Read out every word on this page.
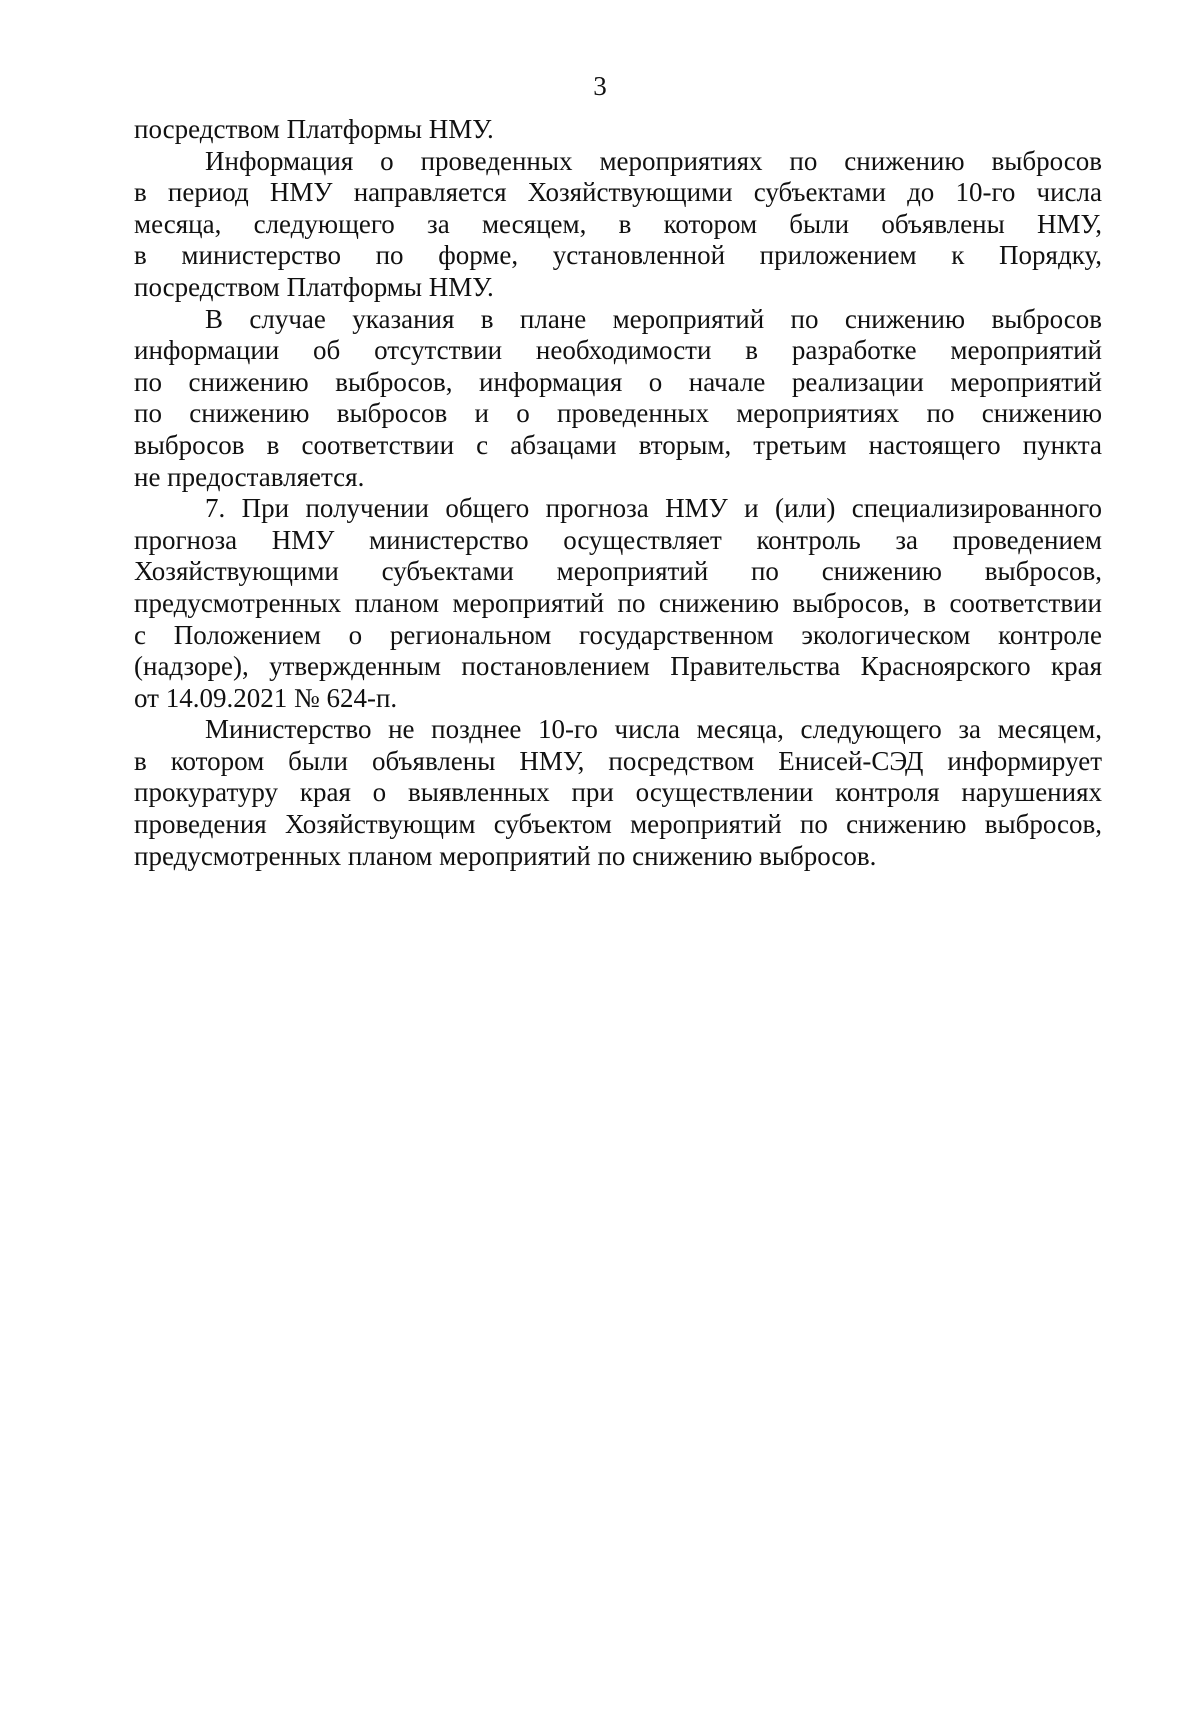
3
посредством Платформы НМУ.
Информация о проведенных мероприятиях по снижению выбросов
в период НМУ направляется Хозяйствующими субъектами до 10-го числа
месяца, следующего за месяцем, в котором были объявлены НМУ,
в министерство по форме, установленной приложением к Порядку,
посредством Платформы НМУ.
В случае указания в плане мероприятий по снижению выбросов
информации об отсутствии необходимости в разработке мероприятий
по снижению выбросов, информация о начале реализации мероприятий
по снижению выбросов и о проведенных мероприятиях по снижению
выбросов в соответствии с абзацами вторым, третьим настоящего пункта
не предоставляется.
7. При получении общего прогноза НМУ и (или) специализированного
прогноза НМУ министерство осуществляет контроль за проведением
Хозяйствующими субъектами мероприятий по снижению выбросов,
предусмотренных планом мероприятий по снижению выбросов, в соответствии
с Положением о региональном государственном экологическом контроле
(надзоре), утвержденным постановлением Правительства Красноярского края
от 14.09.2021 № 624-п.
Министерство не позднее 10-го числа месяца, следующего за месяцем,
в котором были объявлены НМУ, посредством Енисей-СЭД информирует
прокуратуру края о выявленных при осуществлении контроля нарушениях
проведения Хозяйствующим субъектом мероприятий по снижению выбросов,
предусмотренных планом мероприятий по снижению выбросов.
